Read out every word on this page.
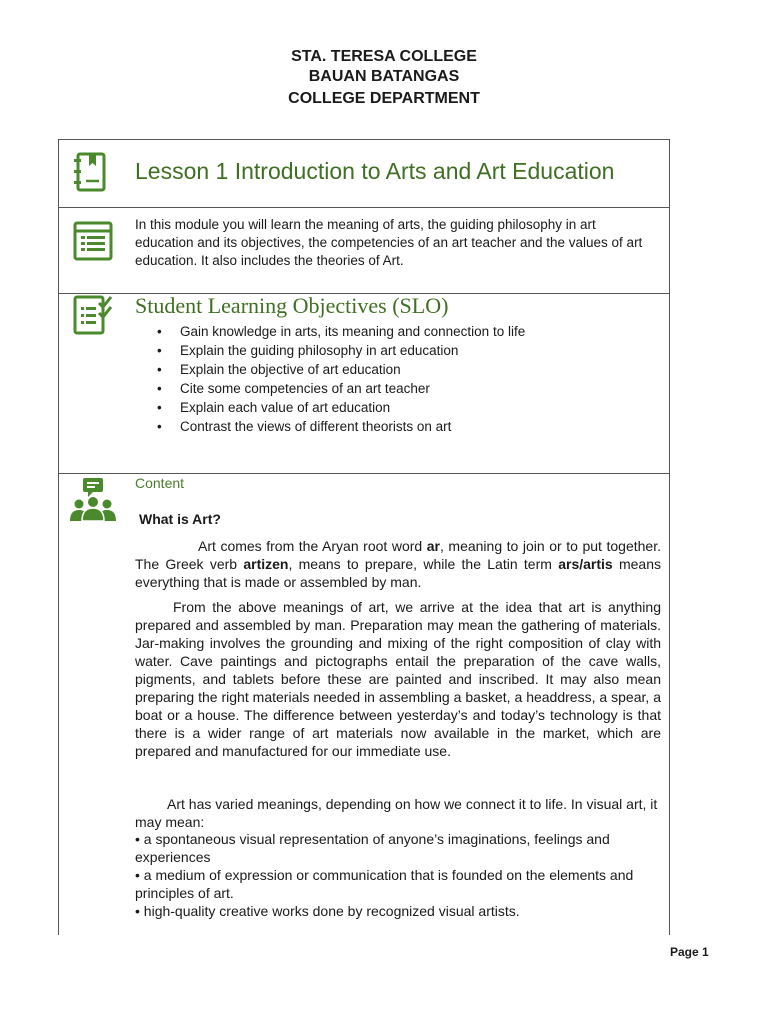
STA. TERESA COLLEGE
BAUAN BATANGAS
COLLEGE DEPARTMENT
Lesson 1 Introduction to Arts and Art Education
In this module you will learn the meaning of arts, the guiding philosophy in art education and its objectives, the competencies of an art teacher and the values of art education. It also includes the theories of Art.
Student Learning Objectives (SLO)
• Gain knowledge in arts, its meaning and connection to life
• Explain the guiding philosophy in art education
• Explain the objective of art education
• Cite some competencies of an art teacher
• Explain each value of art education
• Contrast the views of different theorists on art
Content
What is Art?

Art comes from the Aryan root word ar, meaning to join or to put together. The Greek verb artizen, means to prepare, while the Latin term ars/artis means everything that is made or assembled by man.

From the above meanings of art, we arrive at the idea that art is anything prepared and assembled by man. Preparation may mean the gathering of materials. Jar-making involves the grounding and mixing of the right composition of clay with water. Cave paintings and pictographs entail the preparation of the cave walls, pigments, and tablets before these are painted and inscribed. It may also mean preparing the right materials needed in assembling a basket, a headdress, a spear, a boat or a house. The difference between yesterday’s and today’s technology is that there is a wider range of art materials now available in the market, which are prepared and manufactured for our immediate use.

Art has varied meanings, depending on how we connect it to life. In visual art, it may mean:

• a spontaneous visual representation of anyone’s imaginations, feelings and experiences

• a medium of expression or communication that is founded on the elements and principles of art.

• high-quality creative works done by recognized visual artists.

Page 1
